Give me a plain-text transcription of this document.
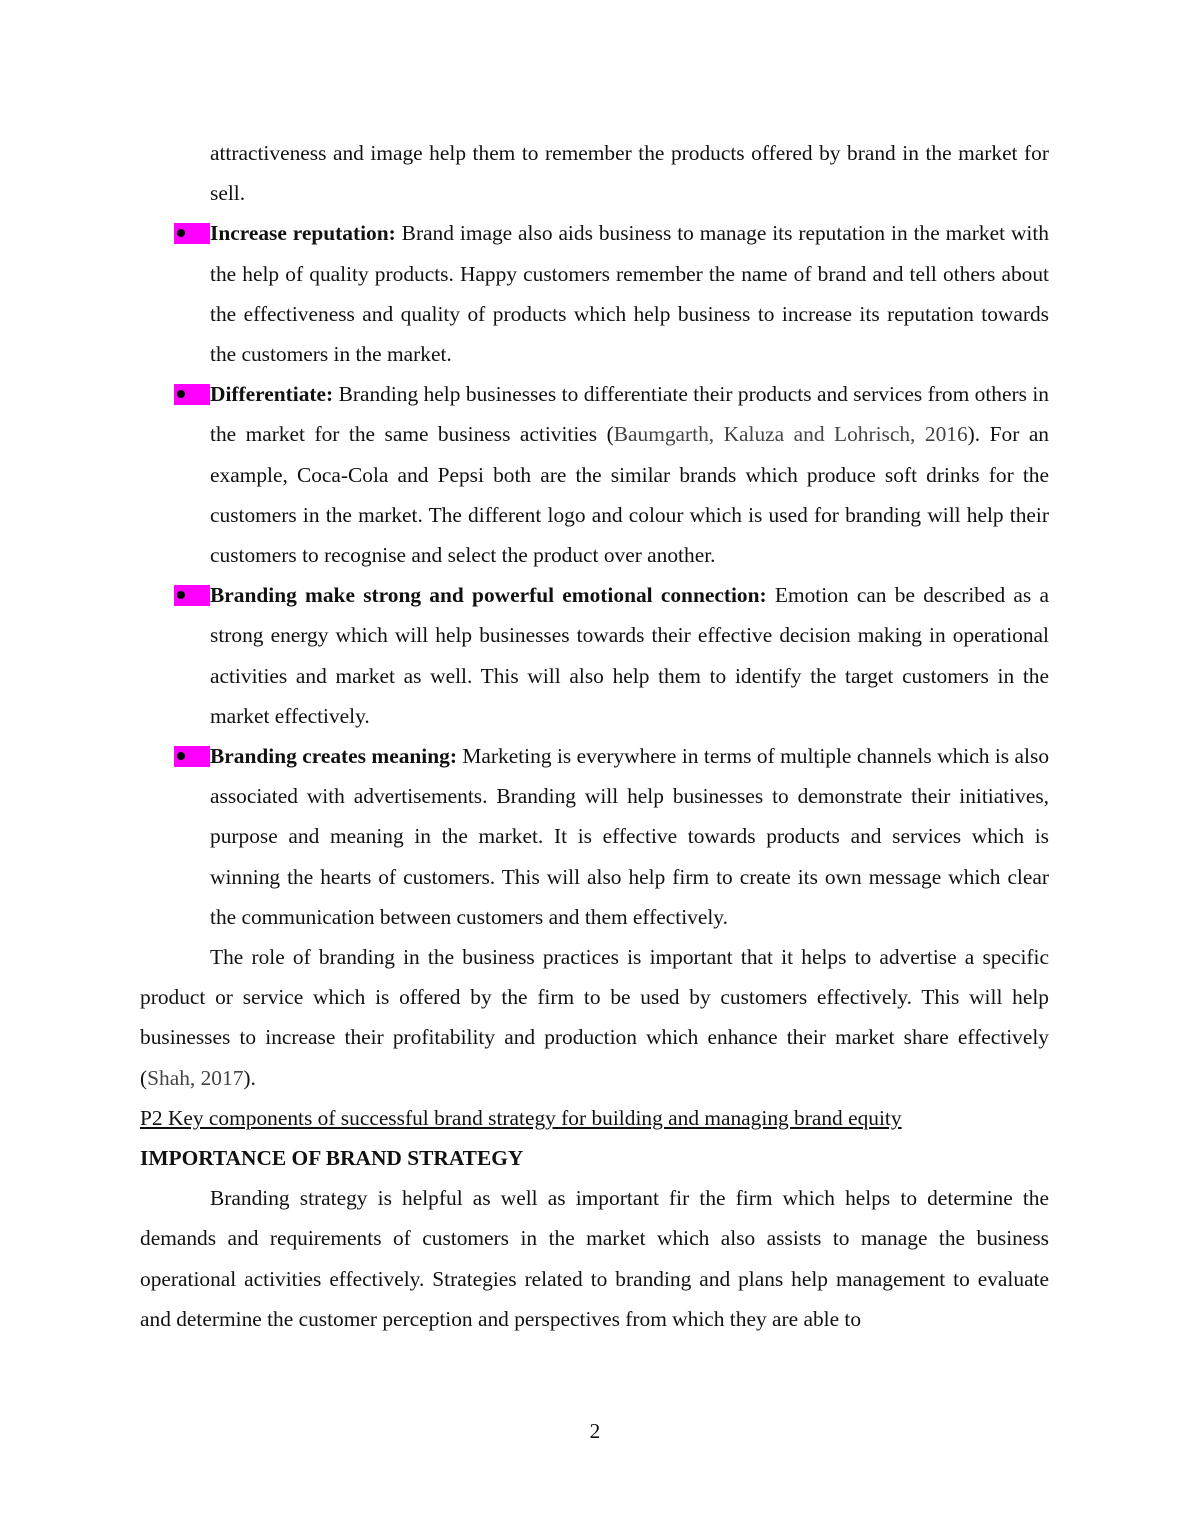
attractiveness and image help them to remember the products offered by brand in the market for sell.

Increase reputation: Brand image also aids business to manage its reputation in the market with the help of quality products. Happy customers remember the name of brand and tell others about the effectiveness and quality of products which help business to increase its reputation towards the customers in the market.

Differentiate: Branding help businesses to differentiate their products and services from others in the market for the same business activities (Baumgarth, Kaluza and Lohrisch, 2016). For an example, Coca-Cola and Pepsi both are the similar brands which produce soft drinks for the customers in the market. The different logo and colour which is used for branding will help their customers to recognise and select the product over another.

Branding make strong and powerful emotional connection: Emotion can be described as a strong energy which will help businesses towards their effective decision making in operational activities and market as well. This will also help them to identify the target customers in the market effectively.

Branding creates meaning: Marketing is everywhere in terms of multiple channels which is also associated with advertisements. Branding will help businesses to demonstrate their initiatives, purpose and meaning in the market. It is effective towards products and services which is winning the hearts of customers. This will also help firm to create its own message which clear the communication between customers and them effectively.

The role of branding in the business practices is important that it helps to advertise a specific product or service which is offered by the firm to be used by customers effectively. This will help businesses to increase their profitability and production which enhance their market share effectively (Shah, 2017).

P2 Key components of successful brand strategy for building and managing brand equity

IMPORTANCE OF BRAND STRATEGY

Branding strategy is helpful as well as important fir the firm which helps to determine the demands and requirements of customers in the market which also assists to manage the business operational activities effectively. Strategies related to branding and plans help management to evaluate and determine the customer perception and perspectives from which they are able to

2
